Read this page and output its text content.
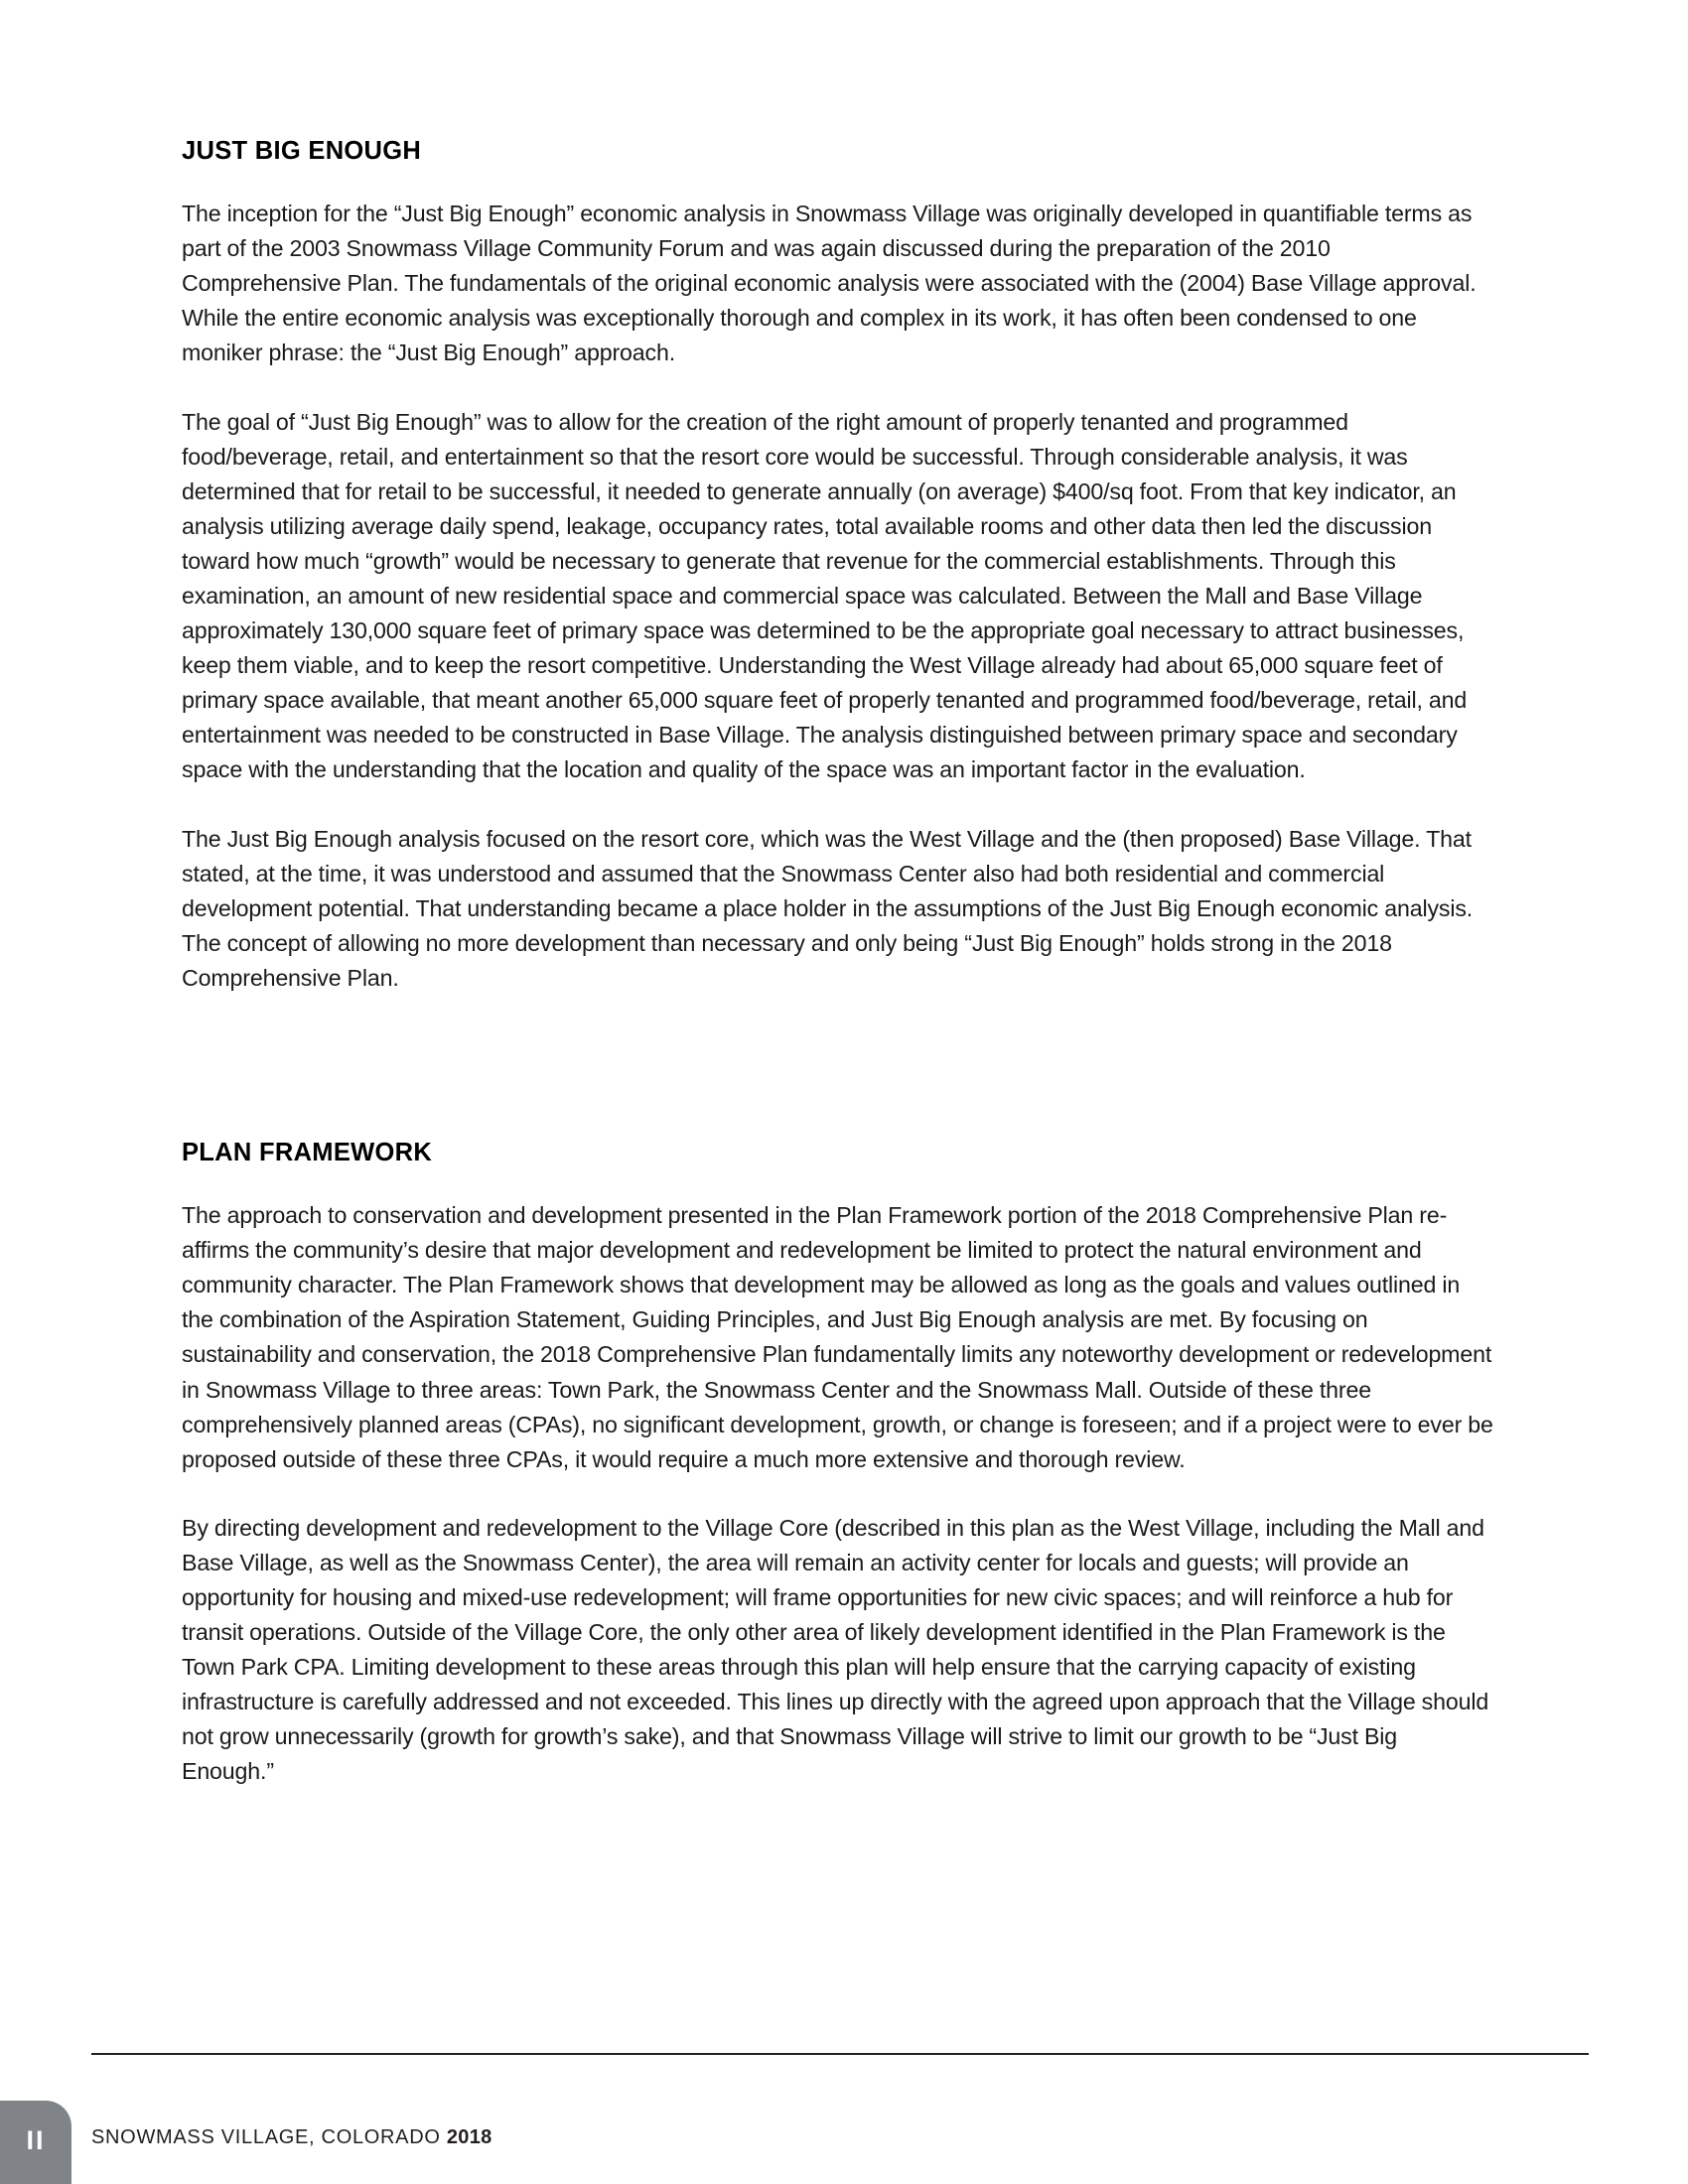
JUST BIG ENOUGH

The inception for the “Just Big Enough” economic analysis in Snowmass Village was originally developed in quantifiable terms as part of the 2003 Snowmass Village Community Forum and was again discussed during the preparation of the 2010 Comprehensive Plan. The fundamentals of the original economic analysis were associated with the (2004) Base Village approval. While the entire economic analysis was exceptionally thorough and complex in its work, it has often been condensed to one moniker phrase: the “Just Big Enough” approach.

The goal of “Just Big Enough” was to allow for the creation of the right amount of properly tenanted and programmed food/beverage, retail, and entertainment so that the resort core would be successful. Through considerable analysis, it was determined that for retail to be successful, it needed to generate annually (on average) $400/sq foot. From that key indicator, an analysis utilizing average daily spend, leakage, occupancy rates, total available rooms and other data then led the discussion toward how much “growth” would be necessary to generate that revenue for the commercial establishments. Through this examination, an amount of new residential space and commercial space was calculated. Between the Mall and Base Village approximately 130,000 square feet of primary space was determined to be the appropriate goal necessary to attract businesses, keep them viable, and to keep the resort competitive. Understanding the West Village already had about 65,000 square feet of primary space available, that meant another 65,000 square feet of properly tenanted and programmed food/beverage, retail, and entertainment was needed to be constructed in Base Village. The analysis distinguished between primary space and secondary space with the understanding that the location and quality of the space was an important factor in the evaluation.

The Just Big Enough analysis focused on the resort core, which was the West Village and the (then proposed) Base Village. That stated, at the time, it was understood and assumed that the Snowmass Center also had both residential and commercial development potential. That understanding became a place holder in the assumptions of the Just Big Enough economic analysis. The concept of allowing no more development than necessary and only being “Just Big Enough” holds strong in the 2018 Comprehensive Plan.

PLAN FRAMEWORK

The approach to conservation and development presented in the Plan Framework portion of the 2018 Comprehensive Plan re-affirms the community’s desire that major development and redevelopment be limited to protect the natural environment and community character. The Plan Framework shows that development may be allowed as long as the goals and values outlined in the combination of the Aspiration Statement, Guiding Principles, and Just Big Enough analysis are met. By focusing on sustainability and conservation, the 2018 Comprehensive Plan fundamentally limits any noteworthy development or redevelopment in Snowmass Village to three areas: Town Park, the Snowmass Center and the Snowmass Mall. Outside of these three comprehensively planned areas (CPAs), no significant development, growth, or change is foreseen; and if a project were to ever be proposed outside of these three CPAs, it would require a much more extensive and thorough review.

By directing development and redevelopment to the Village Core (described in this plan as the West Village, including the Mall and Base Village, as well as the Snowmass Center), the area will remain an activity center for locals and guests; will provide an opportunity for housing and mixed-use redevelopment; will frame opportunities for new civic spaces; and will reinforce a hub for transit operations. Outside of the Village Core, the only other area of likely development identified in the Plan Framework is the Town Park CPA. Limiting development to these areas through this plan will help ensure that the carrying capacity of existing infrastructure is carefully addressed and not exceeded. This lines up directly with the agreed upon approach that the Village should not grow unnecessarily (growth for growth’s sake), and that Snowmass Village will strive to limit our growth to be “Just Big Enough.”

SNOWMASS VILLAGE, COLORADO 2018
II
